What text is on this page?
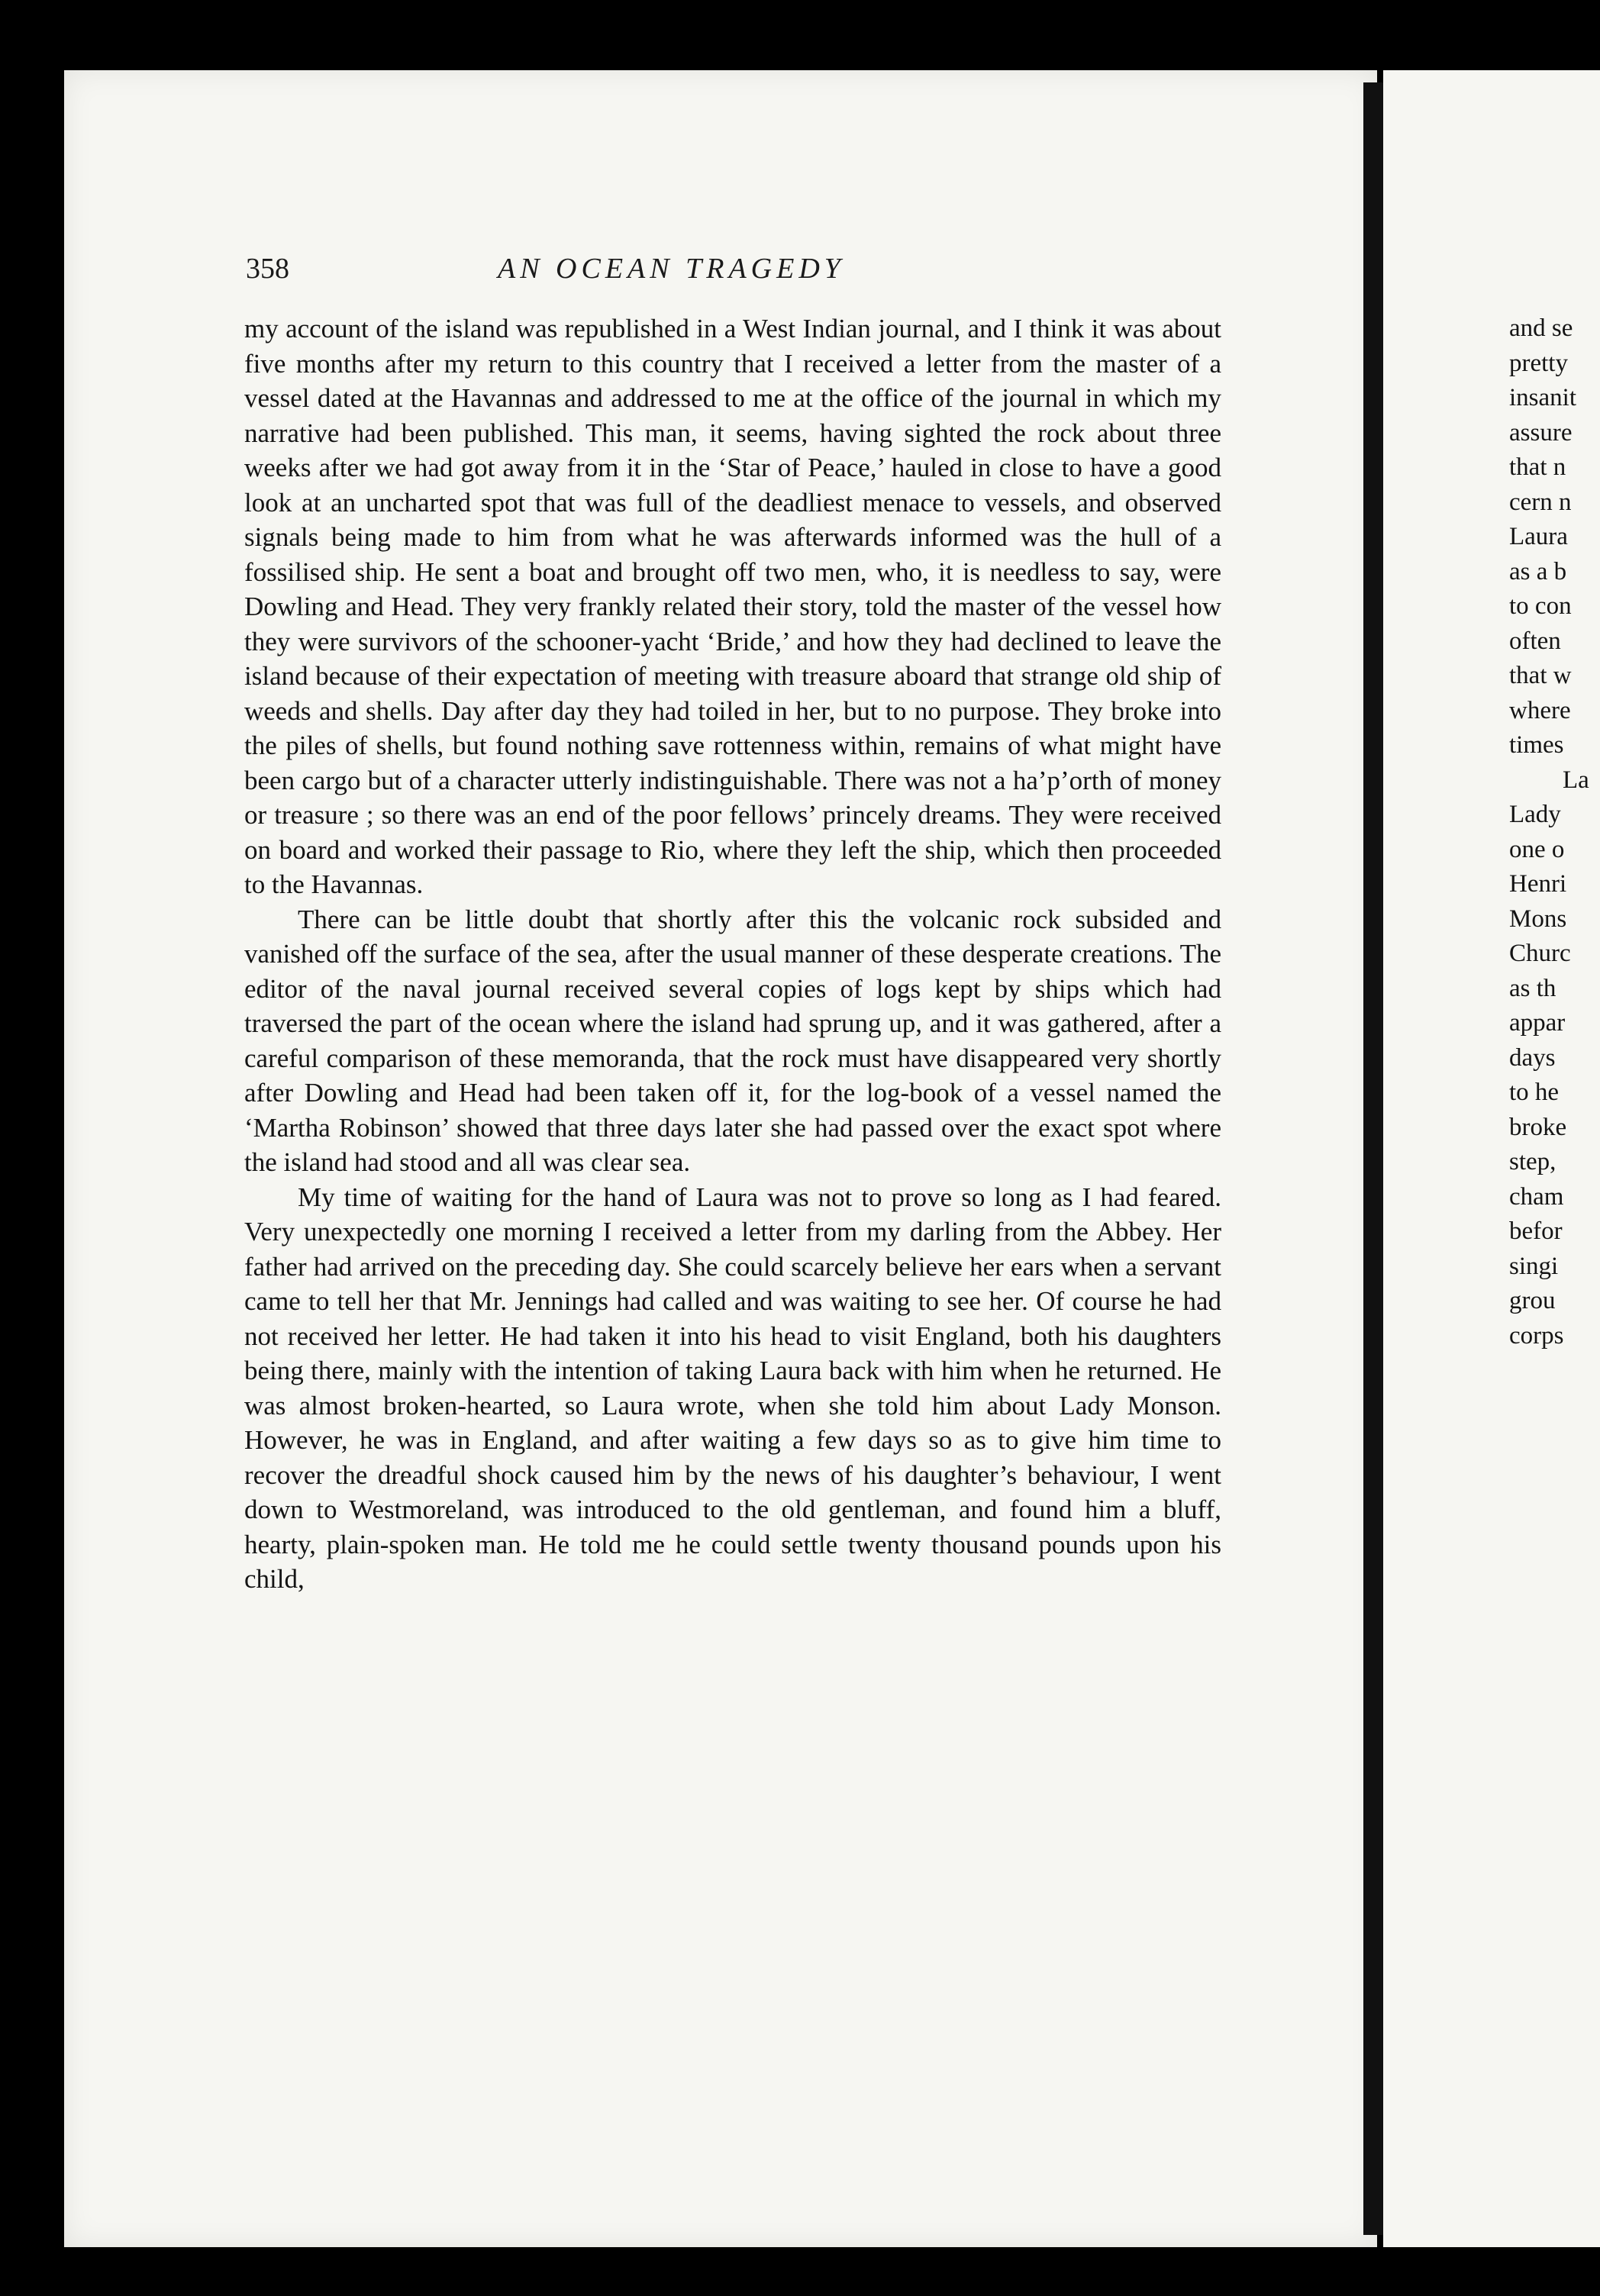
358	AN OCEAN TRAGEDY

my account of the island was republished in a West Indian journal, and I think it was about five months after my return to this country that I received a letter from the master of a vessel dated at the Havannas and addressed to me at the office of the journal in which my narrative had been published. This man, it seems, having sighted the rock about three weeks after we had got away from it in the ‘Star of Peace,’ hauled in close to have a good look at an uncharted spot that was full of the deadliest menace to vessels, and observed signals being made to him from what he was afterwards informed was the hull of a fossilised ship. He sent a boat and brought off two men, who, it is needless to say, were Dowling and Head. They very frankly related their story, told the master of the vessel how they were survivors of the schooner-yacht ‘Bride,’ and how they had declined to leave the island because of their expectation of meeting with treasure aboard that strange old ship of weeds and shells. Day after day they had toiled in her, but to no purpose. They broke into the piles of shells, but found nothing save rottenness within, remains of what might have been cargo but of a character utterly indistinguishable. There was not a ha’p’orth of money or treasure ; so there was an end of the poor fellows’ princely dreams. They were received on board and worked their passage to Rio, where they left the ship, which then proceeded to the Havannas.

There can be little doubt that shortly after this the volcanic rock subsided and vanished off the surface of the sea, after the usual manner of these desperate creations. The editor of the naval journal received several copies of logs kept by ships which had traversed the part of the ocean where the island had sprung up, and it was gathered, after a careful comparison of these memoranda, that the rock must have disappeared very shortly after Dowling and Head had been taken off it, for the log-book of a vessel named the ‘Martha Robinson’ showed that three days later she had passed over the exact spot where the island had stood and all was clear sea.

My time of waiting for the hand of Laura was not to prove so long as I had feared. Very unexpectedly one morning I received a letter from my darling from the Abbey. Her father had arrived on the preceding day. She could scarcely believe her ears when a servant came to tell her that Mr. Jennings had called and was waiting to see her. Of course he had not received her letter. He had taken it into his head to visit England, both his daughters being there, mainly with the intention of taking Laura back with him when he returned. He was almost broken-hearted, so Laura wrote, when she told him about Lady Monson. However, he was in England, and after waiting a few days so as to give him time to recover the dreadful shock caused him by the news of his daughter’s behaviour, I went down to Westmoreland, was introduced to the old gentleman, and found him a bluff, hearty, plain-spoken man. He told me he could settle twenty thousand pounds upon his child,

and se
pretty
insanit
assure
that n
cern n
Laura
as a b
to con
often
that w
where
times
La
Lady
one o
Henri
Mons
Churc
as th
appar
days
to he
broke
step,
cham
befor
singi
grou
corps
